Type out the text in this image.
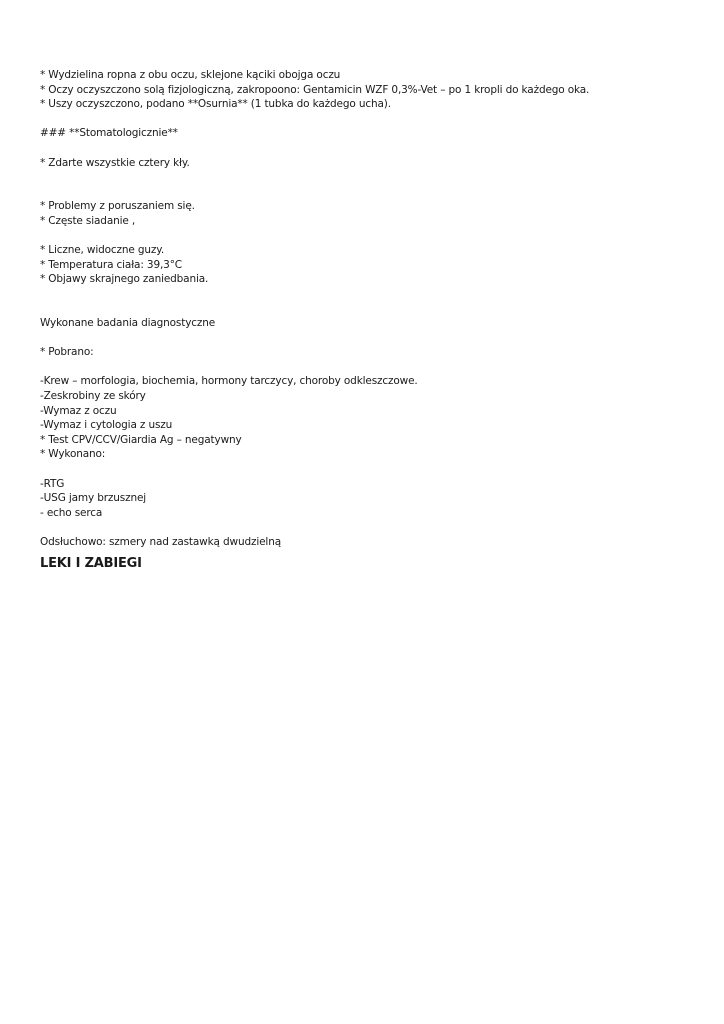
* Wydzielina ropna z obu oczu, sklejone kąciki obojga oczu
* Oczy oczyszczono solą fizjologiczną, zakropoono: Gentamicin WZF 0,3%-Vet – po 1 kropli do każdego oka.
* Uszy oczyszczono, podano **Osurnia** (1 tubka do każdego ucha).
### **Stomatologicznie**
* Zdarte wszystkie cztery kły.
* Problemy z poruszaniem się.
* Częste siadanie ,
* Liczne, widoczne guzy.
* Temperatura ciała: 39,3°C
* Objawy skrajnego zaniedbania.
Wykonane badania diagnostyczne
* Pobrano:
-Krew – morfologia, biochemia, hormony tarczycy, choroby odkleszczowe.
-Zeskrobiny ze skóry
-Wymaz z oczu
-Wymaz i cytologia z uszu
* Test CPV/CCV/Giardia Ag – negatywny
* Wykonano:
-RTG
-USG jamy brzusznej
- echo serca
Odsłuchowo: szmery nad zastawką dwudzielną
LEKI I ZABIEGI
